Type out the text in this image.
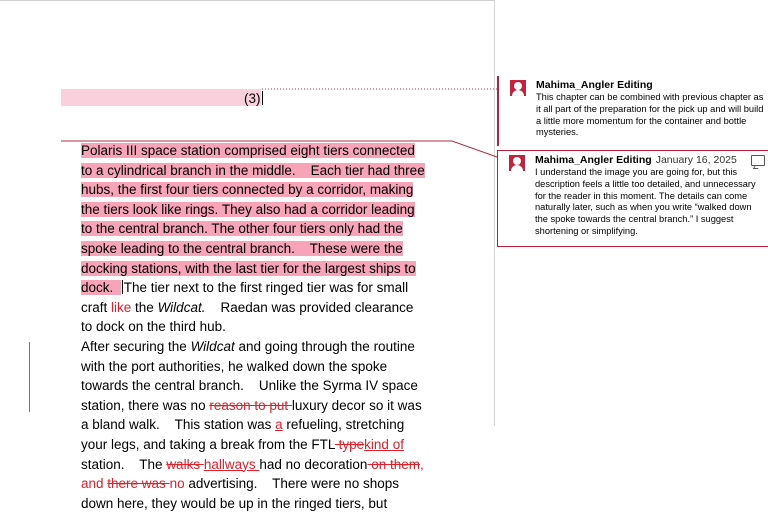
(3)

Polaris III space station comprised eight tiers connected to a cylindrical branch in the middle. Each tier had three hubs, the first four tiers connected by a corridor, making the tiers look like rings. They also had a corridor leading to the central branch. The other four tiers only had the spoke leading to the central branch. These were the docking stations, with the last tier for the largest ships to dock. The tier next to the first ringed tier was for small craft like the Wildcat. Raedan was provided clearance to dock on the third hub.

After securing the Wildcat and going through the routine with the port authorities, he walked down the spoke towards the central branch. Unlike the Syrma IV space station, there was no reason to put luxury decor so it was a bland walk. This station was a refueling, stretching your legs, and taking a break from the FTL typekind of station. The walks hallways had no decoration on them, and there was no advertising. There were no shops down here, they would be up in the ringed tiers, but

Mahima_Angler Editing
This chapter can be combined with previous chapter as it all part of the preparation for the pick up and will build a little more momentum for the container and bottle mysteries.
Mahima_Angler Editing January 16, 2025
I understand the image you are going for, but this description feels a little too detailed, and unnecessary for the reader in this moment. The details can come naturally later, such as when you write “walked down the spoke towards the central branch.” I suggest shortening or simplifying.
